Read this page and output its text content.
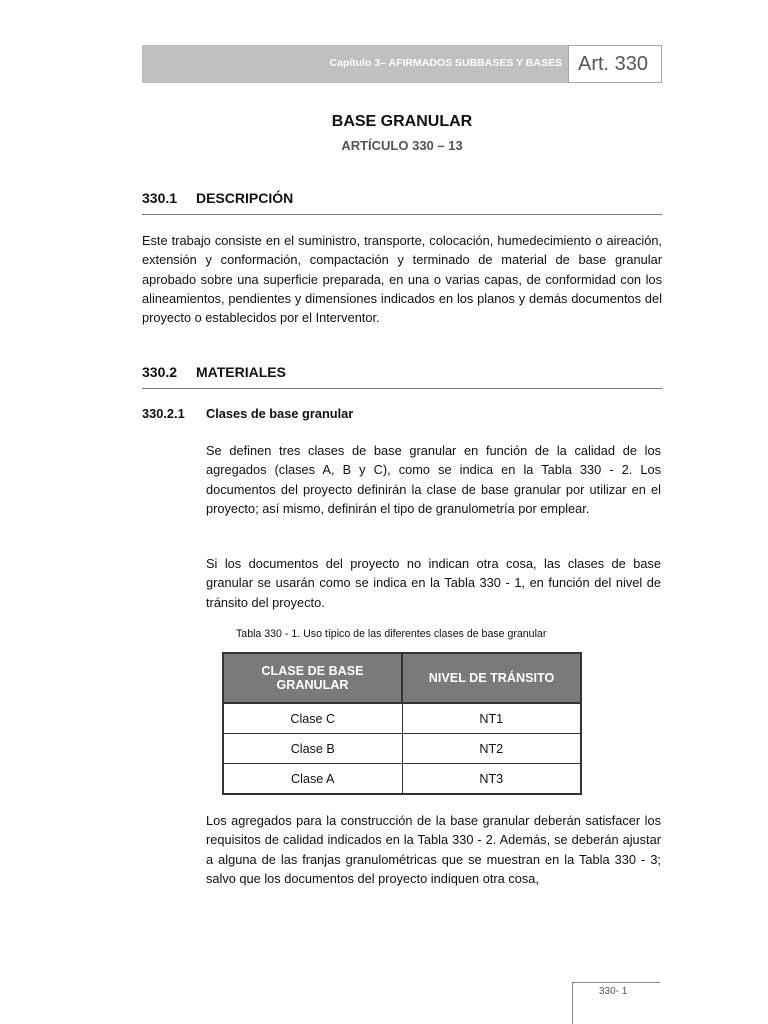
Capítulo 3– AFIRMADOS SUBBASES Y BASES Art. 330
BASE GRANULAR
ARTÍCULO 330 – 13
330.1 DESCRIPCIÓN
Este trabajo consiste en el suministro, transporte, colocación, humedecimiento o aireación, extensión y conformación, compactación y terminado de material de base granular aprobado sobre una superficie preparada, en una o varias capas, de conformidad con los alineamientos, pendientes y dimensiones indicados en los planos y demás documentos del proyecto o establecidos por el Interventor.
330.2 MATERIALES
330.2.1 Clases de base granular
Se definen tres clases de base granular en función de la calidad de los agregados (clases A, B y C), como se indica en la Tabla 330 - 2. Los documentos del proyecto definirán la clase de base granular por utilizar en el proyecto; así mismo, definirán el tipo de granulometría por emplear.
Si los documentos del proyecto no indican otra cosa, las clases de base granular se usarán como se indica en la Tabla 330 - 1, en función del nivel de tránsito del proyecto.
Tabla 330 - 1. Uso típico de las diferentes clases de base granular
CLASE DE BASE GRANULAR	NIVEL DE TRÁNSITO
Clase C	NT1
Clase B	NT2
Clase A	NT3
Los agregados para la construcción de la base granular deberán satisfacer los requisitos de calidad indicados en la Tabla 330 - 2. Además, se deberán ajustar a alguna de las franjas granulométricas que se muestran en la Tabla 330 - 3; salvo que los documentos del proyecto indiquen otra cosa,
330- 1
